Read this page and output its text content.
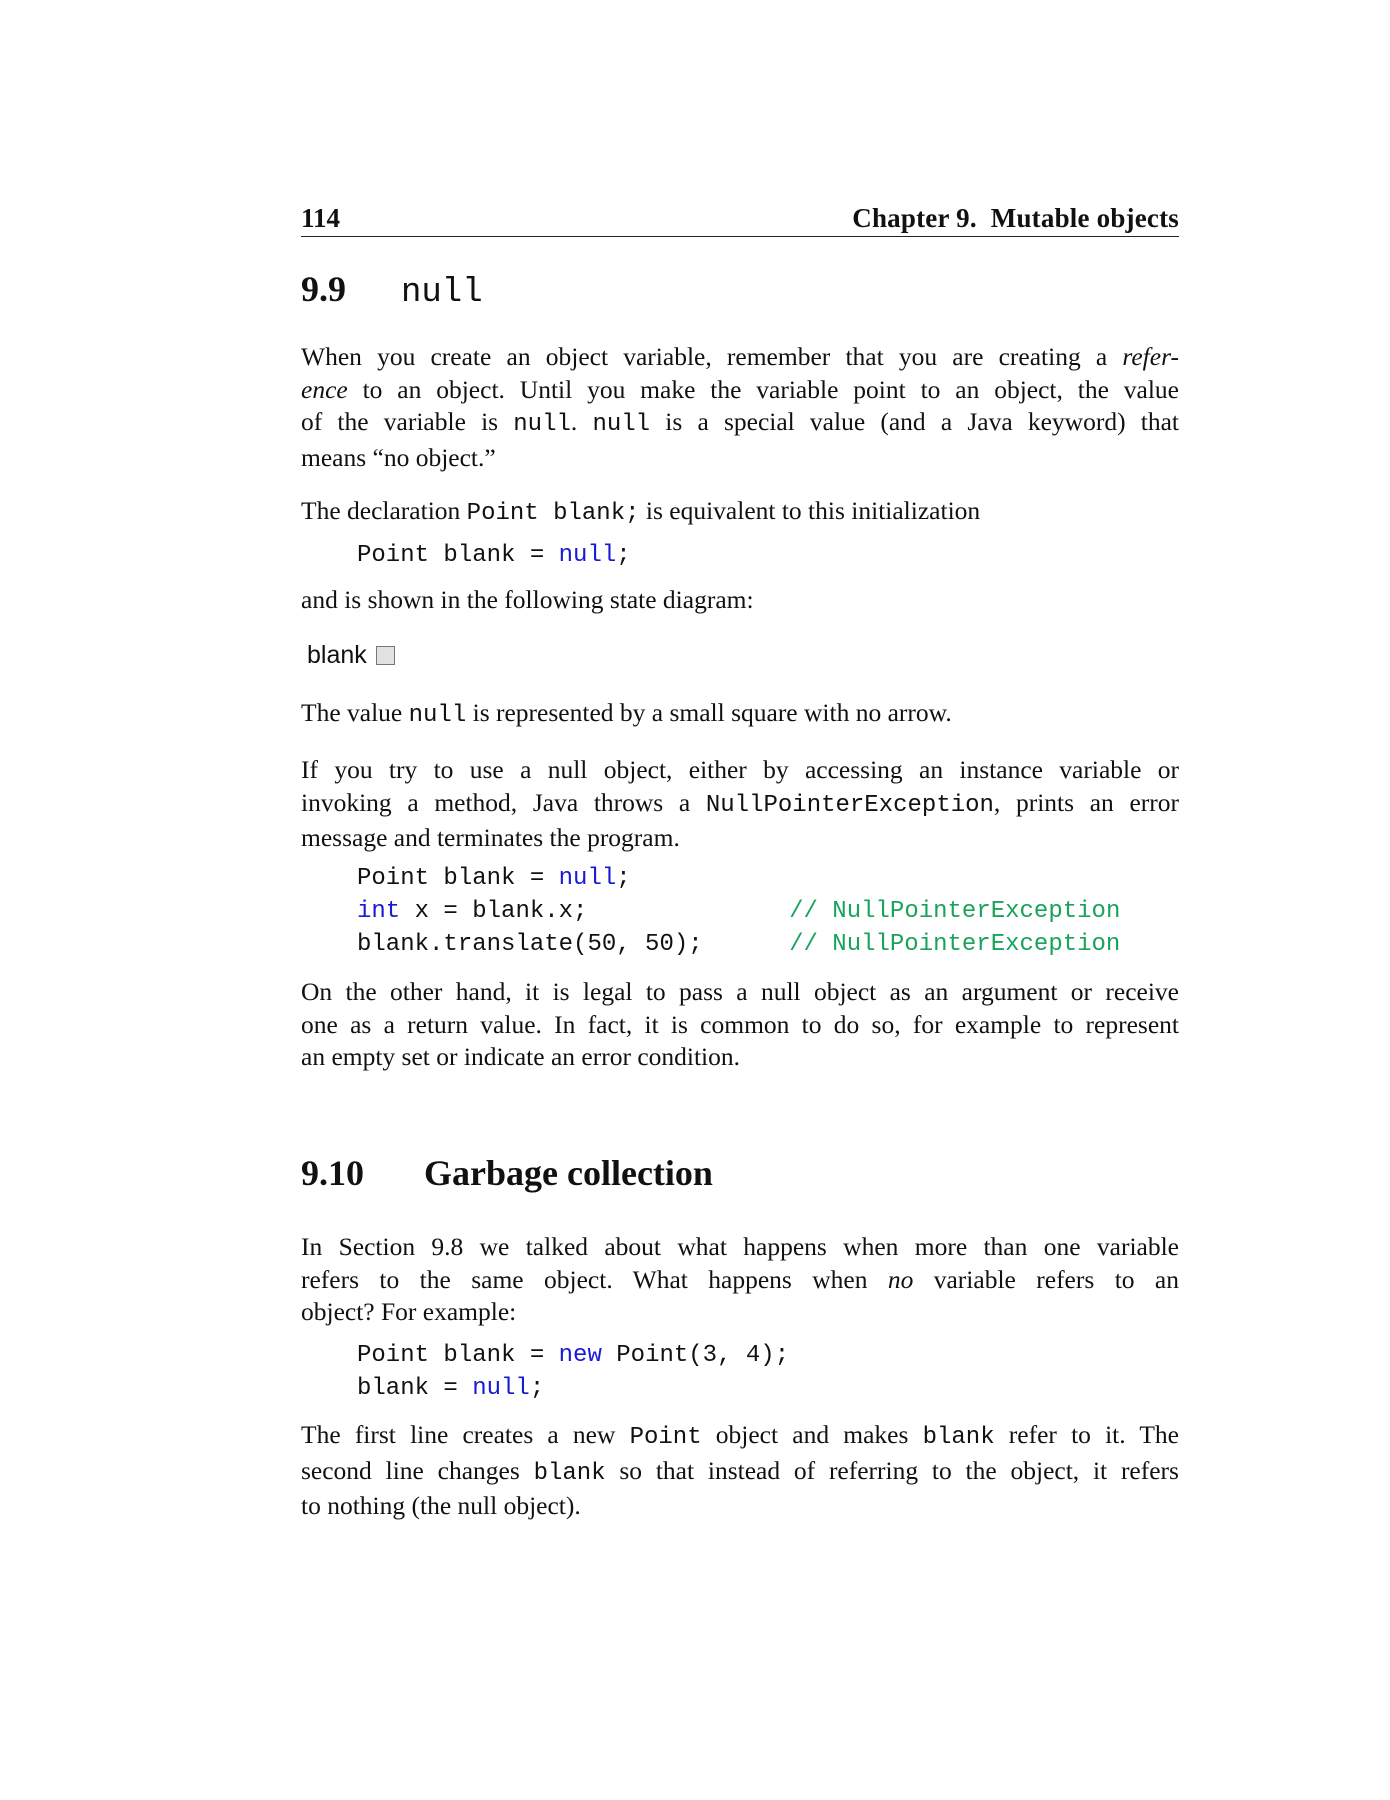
114	Chapter 9. Mutable objects
9.9	null
When you create an object variable, remember that you are creating a refer-
ence to an object. Until you make the variable point to an object, the value
of the variable is null. null is a special value (and a Java keyword) that
means “no object.”
The declaration Point blank; is equivalent to this initialization
Point blank = null;
and is shown in the following state diagram:
blank
The value null is represented by a small square with no arrow.
If you try to use a null object, either by accessing an instance variable or
invoking a method, Java throws a NullPointerException, prints an error
message and terminates the program.
Point blank = null;
int x = blank.x;              // NullPointerException
blank.translate(50, 50);      // NullPointerException
On the other hand, it is legal to pass a null object as an argument or receive
one as a return value. In fact, it is common to do so, for example to represent
an empty set or indicate an error condition.
9.10	Garbage collection
In Section 9.8 we talked about what happens when more than one variable
refers to the same object. What happens when no variable refers to an
object? For example:
Point blank = new Point(3, 4);
blank = null;
The first line creates a new Point object and makes blank refer to it. The
second line changes blank so that instead of referring to the object, it refers
to nothing (the null object).
